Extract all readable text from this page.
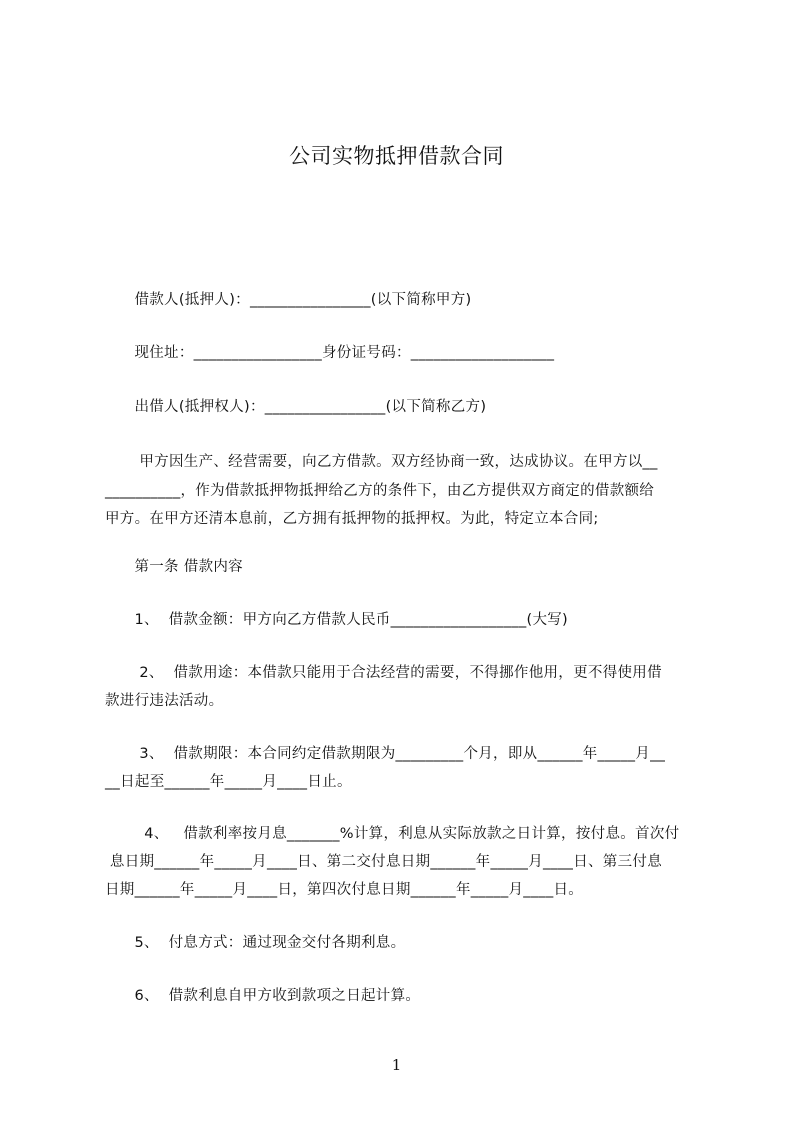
公司实物抵押借款合同
借款人(抵押人)：________________(以下简称甲方)
现住址：_________________身份证号码：___________________
出借人(抵押权人)：________________(以下简称乙方)
甲方因生产、经营需要，向乙方借款。双方经协商一致，达成协议。在甲方以__
__________，作为借款抵押物抵押给乙方的条件下，由乙方提供双方商定的借款额给
甲方。在甲方还清本息前，乙方拥有抵押物的抵押权。为此，特定立本合同;
第一条 借款内容
1、  借款金额：甲方向乙方借款人民币__________________(大写)
2、  借款用途：本借款只能用于合法经营的需要，不得挪作他用，更不得使用借
款进行违法活动。
3、  借款期限：本合同约定借款期限为_________个月，即从______年_____月__
__日起至______年_____月____日止。
4、   借款利率按月息_______%计算，利息从实际放款之日计算，按付息。首次付
息日期______年_____月____日、第二交付息日期______年_____月____日、第三付息
日期______年_____月____日，第四次付息日期______年_____月____日。
5、  付息方式：通过现金交付各期利息。
6、  借款利息自甲方收到款项之日起计算。
1
